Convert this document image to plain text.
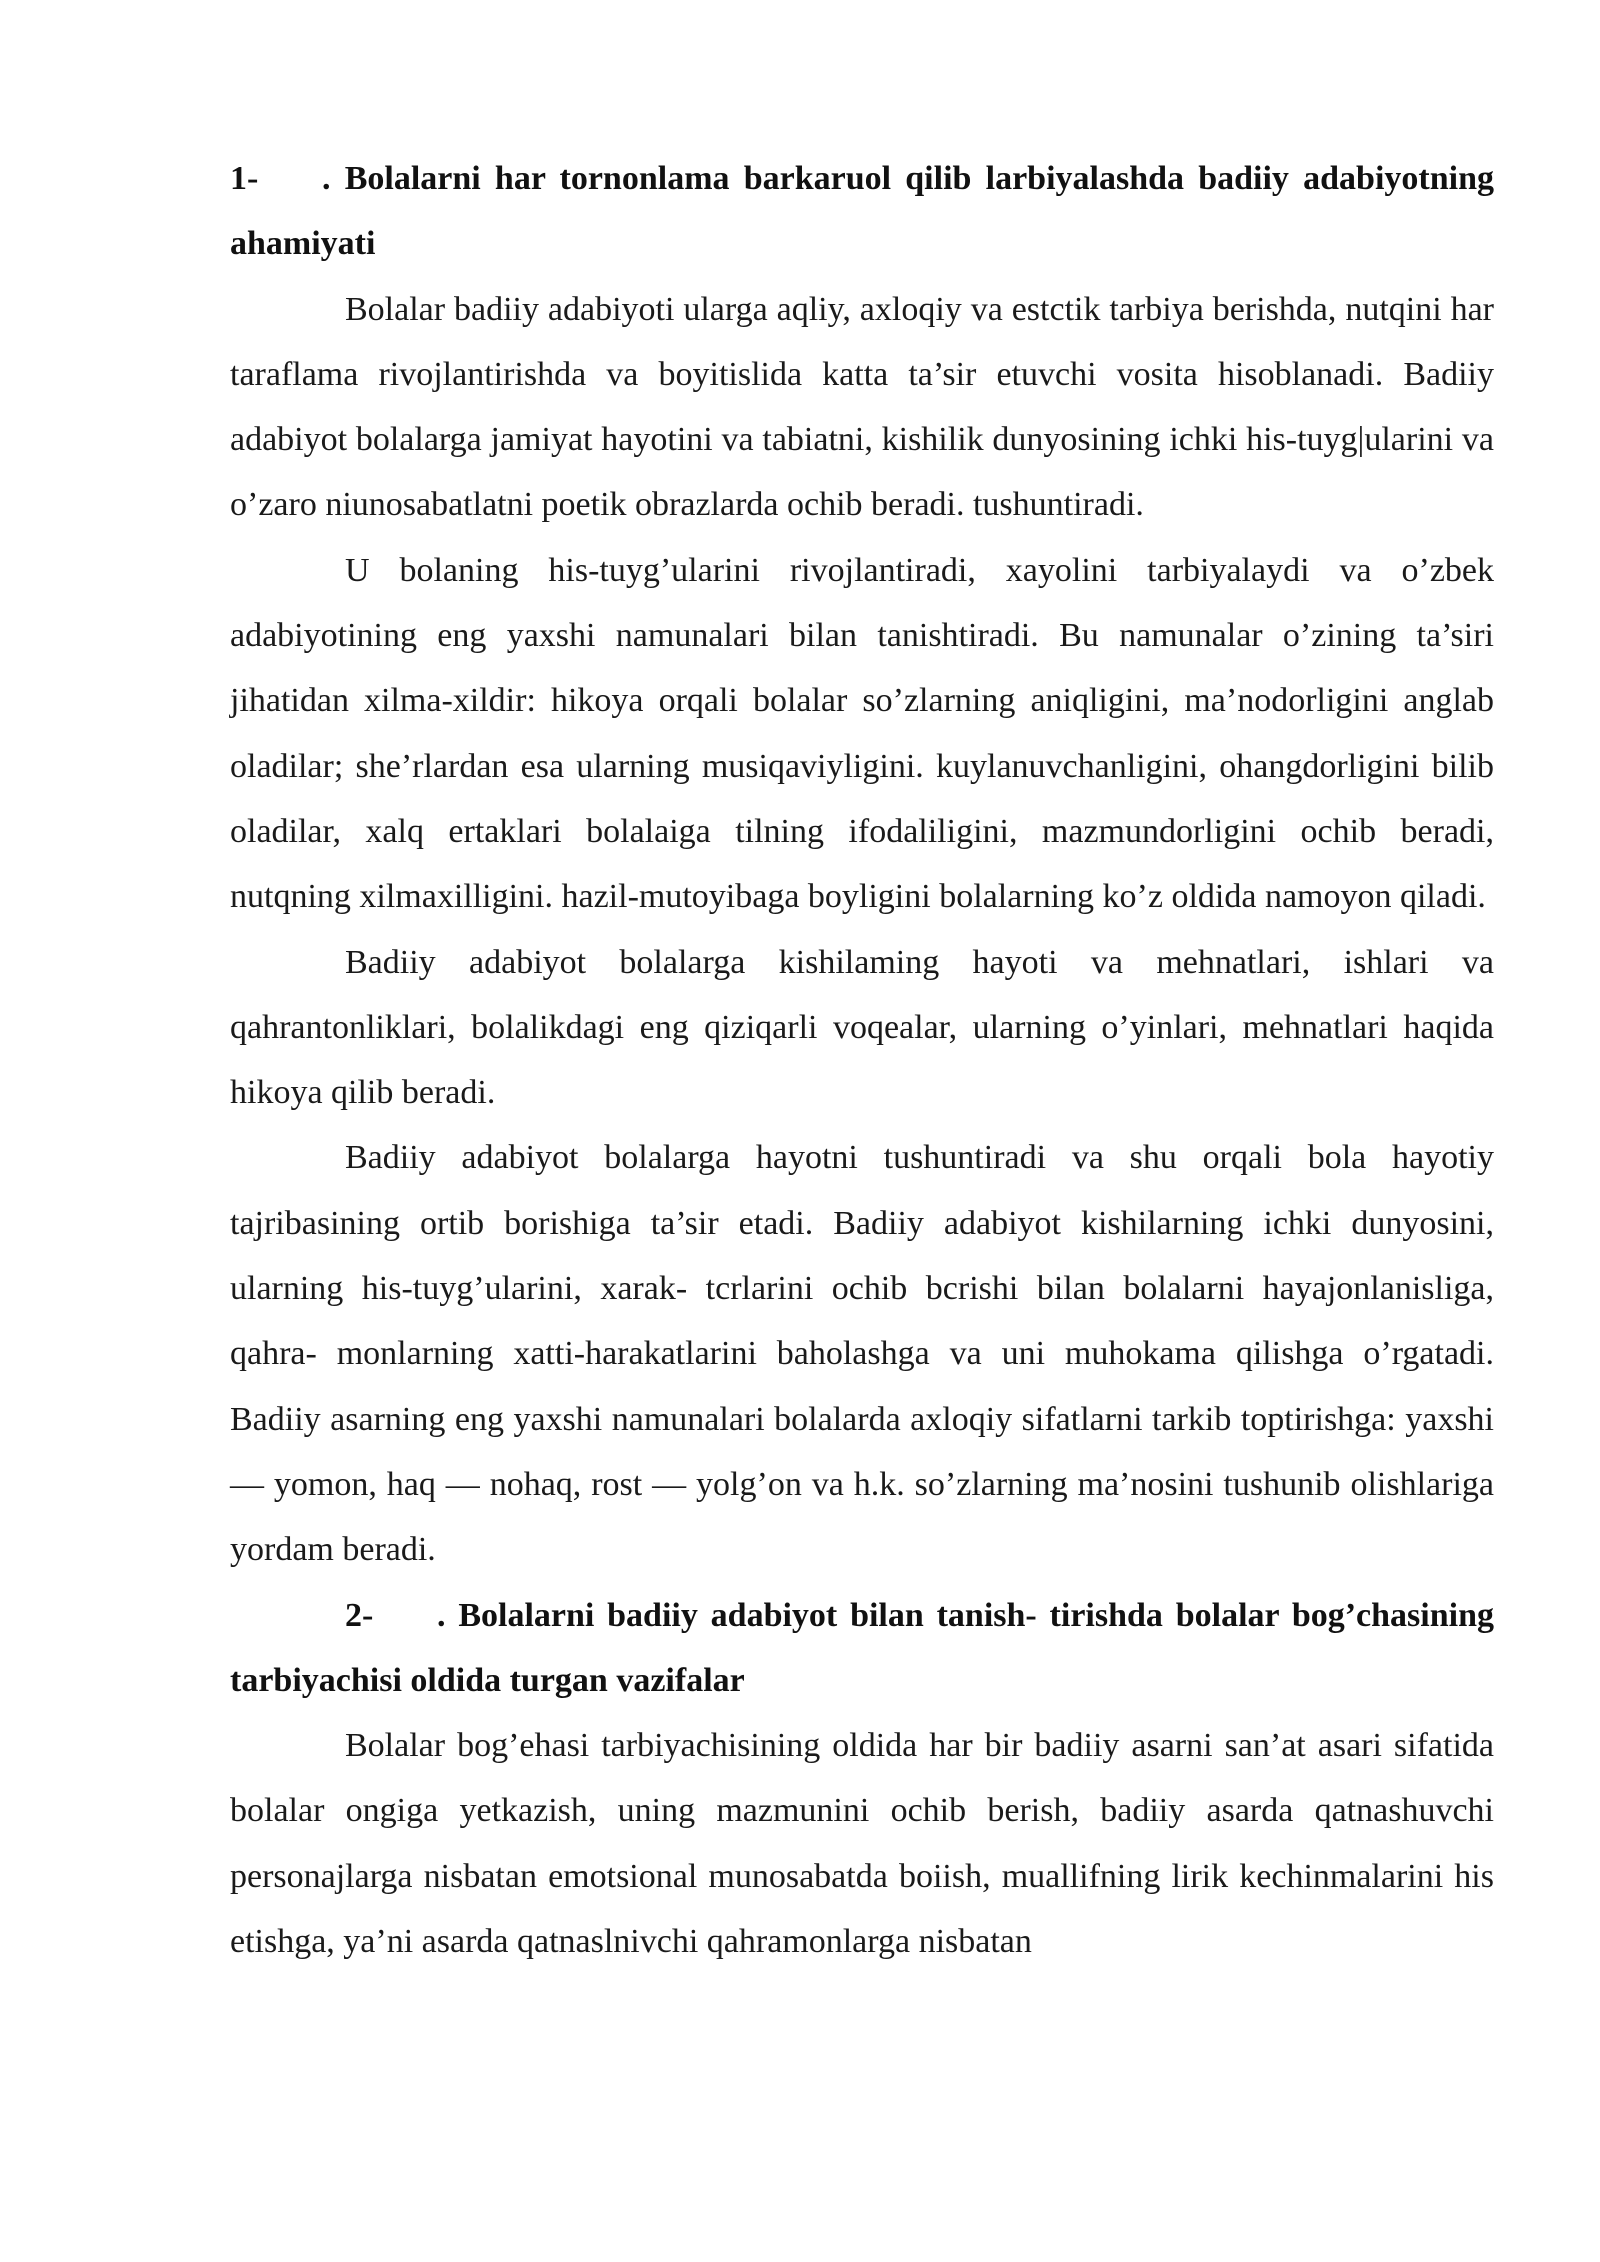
1- . Bolalarni har tornonlama barkaruol qilib larbiyalashda badiiy adabiyotning ahamiyati

Bolalar badiiy adabiyoti ularga aqliy, axloqiy va estctik tarbiya berishda, nutqini har taraflama rivojlantirishda va boyitislida katta ta’sir etuvchi vosita hisoblanadi. Badiiy adabiyot bolalarga jamiyat hayotini va tabiatni, kishilik dunyosining ichki his-tuyg|ularini va o’zaro niunosabatlatni poetik obrazlarda ochib beradi. tushuntiradi.

U bolaning his-tuyg’ularini rivojlantiradi, xayolini tarbiyalaydi va o’zbek adabiyotining eng yaxshi namunalari bilan tanishtiradi. Bu namunalar o’zining ta’siri jihatidan xilma-xildir: hikoya orqali bolalar so’zlarning aniqligini, ma’nodorligini anglab oladilar; she’rlardan esa ularning musiqaviyligini. kuylanuvchanligini, ohangdorligini bilib oladilar, xalq ertaklari bolalaiga tilning ifodaliligini, mazmundorligini ochib beradi, nutqning xilmaxilligini. hazil-mutoyibaga boyligini bolalarning ko’z oldida namoyon qiladi.

Badiiy adabiyot bolalarga kishilaming hayoti va mehnatlari, ishlari va qahrantonliklari, bolalikdagi eng qiziqarli voqealar, ularning o’yinlari, mehnatlari haqida hikoya qilib beradi.

Badiiy adabiyot bolalarga hayotni tushuntiradi va shu orqali bola hayotiy tajribasining ortib borishiga ta’sir etadi. Badiiy adabiyot kishilarning ichki dunyosini, ularning his-tuyg’ularini, xarak- tcrlarini ochib bcrishi bilan bolalarni hayajonlanisliga, qahra- monlarning xatti-harakatlarini baholashga va uni muhokama qilishga o’rgatadi. Badiiy asarning eng yaxshi namunalari bolalarda axloqiy sifatlarni tarkib toptirishga: yaxshi — yomon, haq — nohaq, rost — yolg’on va h.k. so’zlarning ma’nosini tushunib olishlariga yordam beradi.

2- . Bolalarni badiiy adabiyot bilan tanish- tirishda bolalar bog’chasining tarbiyachisi oldida turgan vazifalar

Bolalar bog’ehasi tarbiyachisining oldida har bir badiiy asarni san’at asari sifatida bolalar ongiga yetkazish, uning mazmunini ochib berish, badiiy asarda qatnashuvchi personajlarga nisbatan emotsional munosabatda boiish, muallifning lirik kechinmalarini his etishga, ya’ni asarda qatnaslnivchi qahramonlarga nisbatan
